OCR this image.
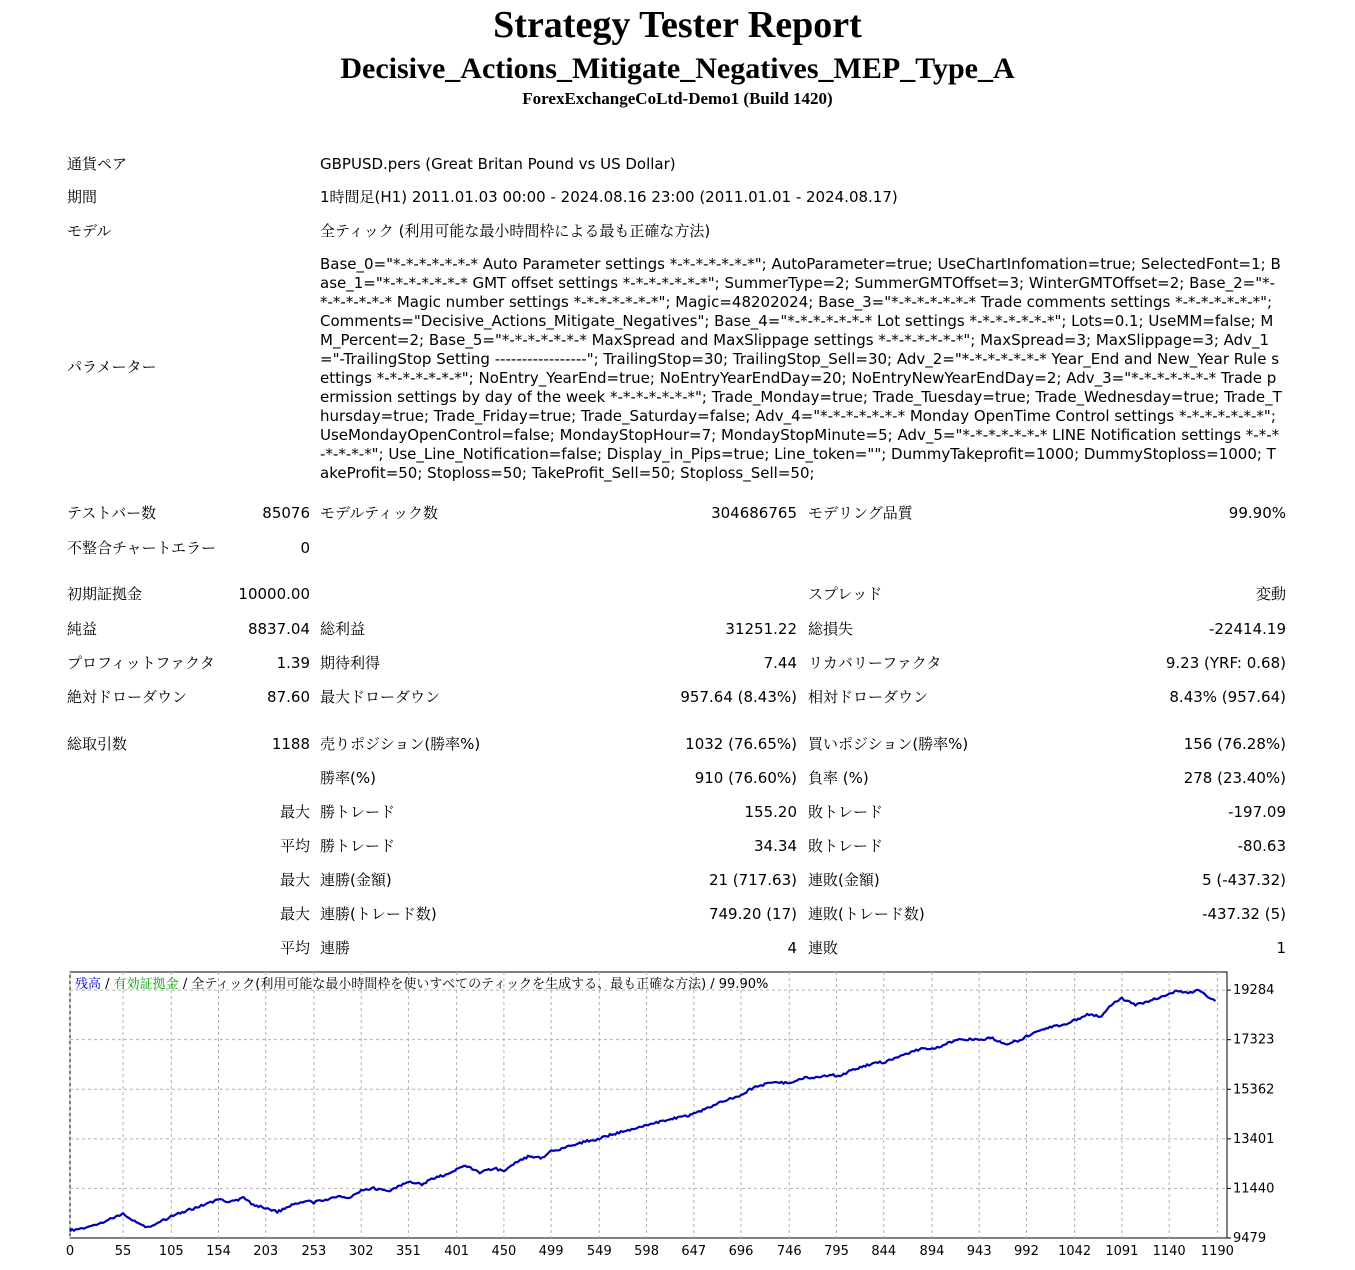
Strategy Tester Report
Decisive_Actions_Mitigate_Negatives_MEP_Type_A
ForexExchangeCoLtd-Demo1 (Build 1420)
通貨ペア	GBPUSD.pers (Great Britan Pound vs US Dollar)
期間	1時間足(H1) 2011.01.03 00:00 - 2024.08.16 23:00 (2011.01.01 - 2024.08.17)
モデル	全ティック (利用可能な最小時間枠による最も正確な方法)
パラメーター
Base_0="*-*-*-*-*-*-* Auto Parameter settings *-*-*-*-*-*-*"; AutoParameter=true; UseChartInfomation=true; SelectedFont=1; Base_1="*-*-*-*-*-*-* GMT offset settings *-*-*-*-*-*-*"; SummerType=2; SummerGMTOffset=3; WinterGMTOffset=2; Base_2="*-*-*-*-*-*-* Magic number settings *-*-*-*-*-*-*"; Magic=48202024; Base_3="*-*-*-*-*-*-* Trade comments settings *-*-*-*-*-*-*"; Comments="Decisive_Actions_Mitigate_Negatives"; Base_4="*-*-*-*-*-*-* Lot settings *-*-*-*-*-*-*"; Lots=0.1; UseMM=false; MM_Percent=2; Base_5="*-*-*-*-*-*-* MaxSpread and MaxSlippage settings *-*-*-*-*-*-*"; MaxSpread=3; MaxSlippage=3; Adv_1="-TrailingStop Setting -----------------"; TrailingStop=30; TrailingStop_Sell=30; Adv_2="*-*-*-*-*-*-* Year_End and New_Year Rule settings *-*-*-*-*-*-*"; NoEntry_YearEnd=true; NoEntryYearEndDay=20; NoEntryNewYearEndDay=2; Adv_3="*-*-*-*-*-*-* Trade permission settings by day of the week *-*-*-*-*-*-*"; Trade_Monday=true; Trade_Tuesday=true; Trade_Wednesday=true; Trade_Thursday=true; Trade_Friday=true; Trade_Saturday=false; Adv_4="*-*-*-*-*-*-* Monday OpenTime Control settings *-*-*-*-*-*-*"; UseMondayOpenControl=false; MondayStopHour=7; MondayStopMinute=5; Adv_5="*-*-*-*-*-*-* LINE Notification settings *-*-*-*-*-*-*"; Use_Line_Notification=false; Display_in_Pips=true; Line_token=""; DummyTakeprofit=1000; DummyStoploss=1000; TakeProfit=50; Stoploss=50; TakeProfit_Sell=50; Stoploss_Sell=50;
テストバー数	85076 モデルティック数	304686765 モデリング品質	99.90%
不整合チャートエラー	0
初期証拠金	10000.00	スプレッド	変動
純益	8837.04 総利益	31251.22 総損失	-22414.19
プロフィットファクタ	1.39 期待利得	7.44 リカバリーファクタ	9.23 (YRF: 0.68)
絶対ドローダウン	87.60 最大ドローダウン	957.64 (8.43%) 相対ドローダウン	8.43% (957.64)
総取引数	1188 売りポジション(勝率%)	1032 (76.65%) 買いポジション(勝率%)	156 (76.28%)
勝率(%)	910 (76.60%) 負率 (%)	278 (23.40%)
最大 勝トレード	155.20 敗トレード	-197.09
平均 勝トレード	34.34 敗トレード	-80.63
最大 連勝(金額)	21 (717.63) 連敗(金額)	5 (-437.32)
最大 連勝(トレード数)	749.20 (17) 連敗(トレード数)	-437.32 (5)
平均 連勝	4 連敗	1
0	55 105 154 203 253 302 351 401 450 499 549 598 647 696 746 795 844 894 943 992 1042 1091 1140 1190
9479
11440
13401
15362
17323
19284
残高 / 有効証拠金 / 全ティック(利用可能な最小時間枠を使いすべてのティックを生成する、最も正確な方法) / 99.90%
